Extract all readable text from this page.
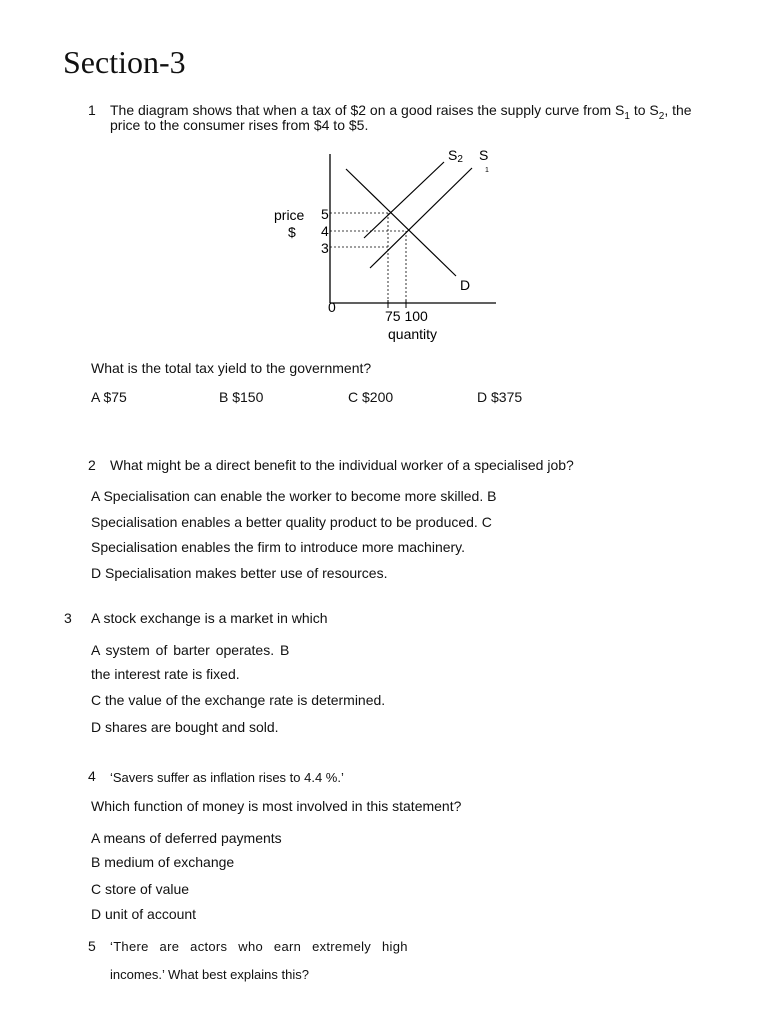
Section-3
1 The diagram shows that when a tax of $2 on a good raises the supply curve from $S_1$ to $S_2$, the
price to the consumer rises from $4 to $5.
S2 S
1
D
price
$
5
4
3
0
75 100
quantity
What is the total tax yield to the government?
A $75	B $150	C $200	D $375
2 What might be a direct benefit to the individual worker of a specialised job?
A Specialisation can enable the worker to become more skilled. B
Specialisation enables a better quality product to be produced. C
Specialisation enables the firm to introduce more machinery.
D Specialisation makes better use of resources.
3 A stock exchange is a market in which
A system of barter operates. B
the interest rate is fixed.
C the value of the exchange rate is determined.
D shares are bought and sold.
4 ‘Savers suffer as inflation rises to 4.4 %.’
Which function of money is most involved in this statement?
A means of deferred payments
B medium of exchange
C store of value
D unit of account
5 ‘There are actors who earn extremely high
incomes.’ What best explains this?
